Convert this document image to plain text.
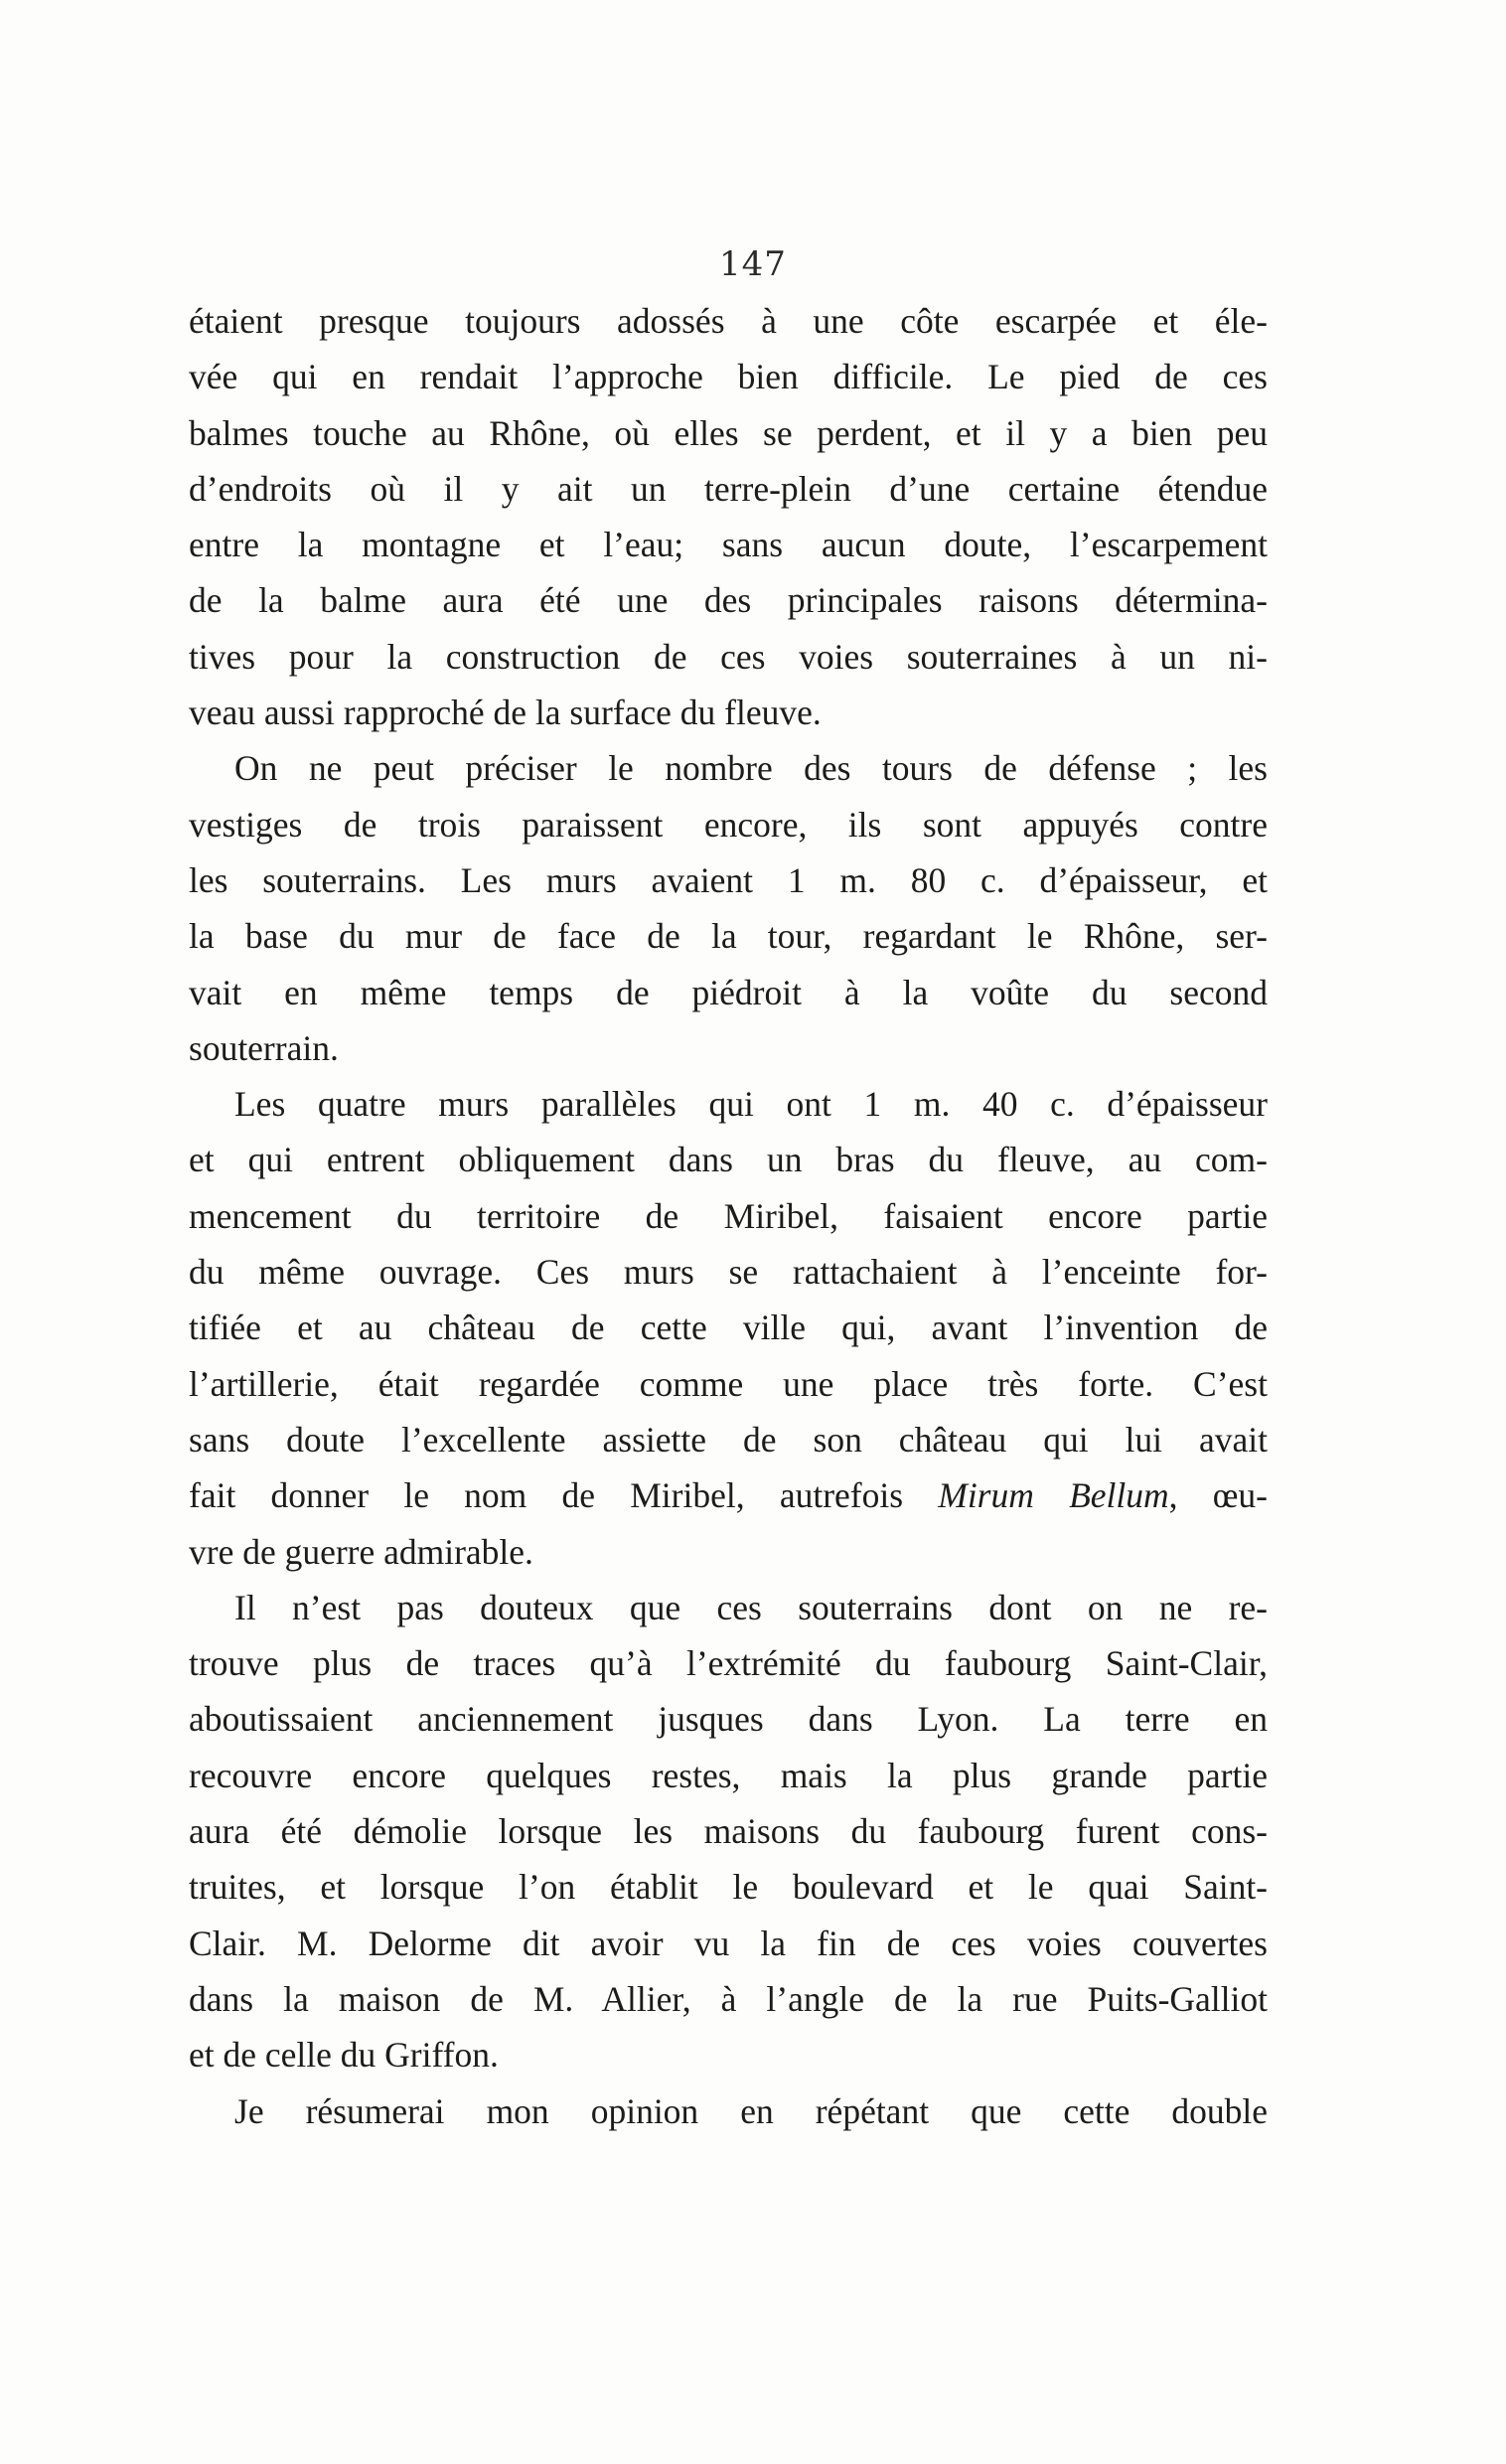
147
étaient presque toujours adossés à une côte escarpée et éle-
vée qui en rendait l’approche bien difficile. Le pied de ces
balmes touche au Rhône, où elles se perdent, et il y a bien peu
d’endroits où il y ait un terre-plein d’une certaine étendue
entre la montagne et l’eau; sans aucun doute, l’escarpement
de la balme aura été une des principales raisons détermina-
tives pour la construction de ces voies souterraines à un ni-
veau aussi rapproché de la surface du fleuve.
On ne peut préciser le nombre des tours de défense ; les
vestiges de trois paraissent encore, ils sont appuyés contre
les souterrains. Les murs avaient 1 m. 80 c. d’épaisseur, et
la base du mur de face de la tour, regardant le Rhône, ser-
vait en même temps de piédroit à la voûte du second
souterrain.
Les quatre murs parallèles qui ont 1 m. 40 c. d’épaisseur
et qui entrent obliquement dans un bras du fleuve, au com-
mencement du territoire de Miribel, faisaient encore partie
du même ouvrage. Ces murs se rattachaient à l’enceinte for-
tifiée et au château de cette ville qui, avant l’invention de
l’artillerie, était regardée comme une place très forte. C’est
sans doute l’excellente assiette de son château qui lui avait
fait donner le nom de Miribel, autrefois Mirum Bellum, œu-
vre de guerre admirable.
Il n’est pas douteux que ces souterrains dont on ne re-
trouve plus de traces qu’à l’extrémité du faubourg Saint-Clair,
aboutissaient anciennement jusques dans Lyon. La terre en
recouvre encore quelques restes, mais la plus grande partie
aura été démolie lorsque les maisons du faubourg furent cons-
truites, et lorsque l’on établit le boulevard et le quai Saint-
Clair. M. Delorme dit avoir vu la fin de ces voies couvertes
dans la maison de M. Allier, à l’angle de la rue Puits-Galliot
et de celle du Griffon.
Je résumerai mon opinion en répétant que cette double
